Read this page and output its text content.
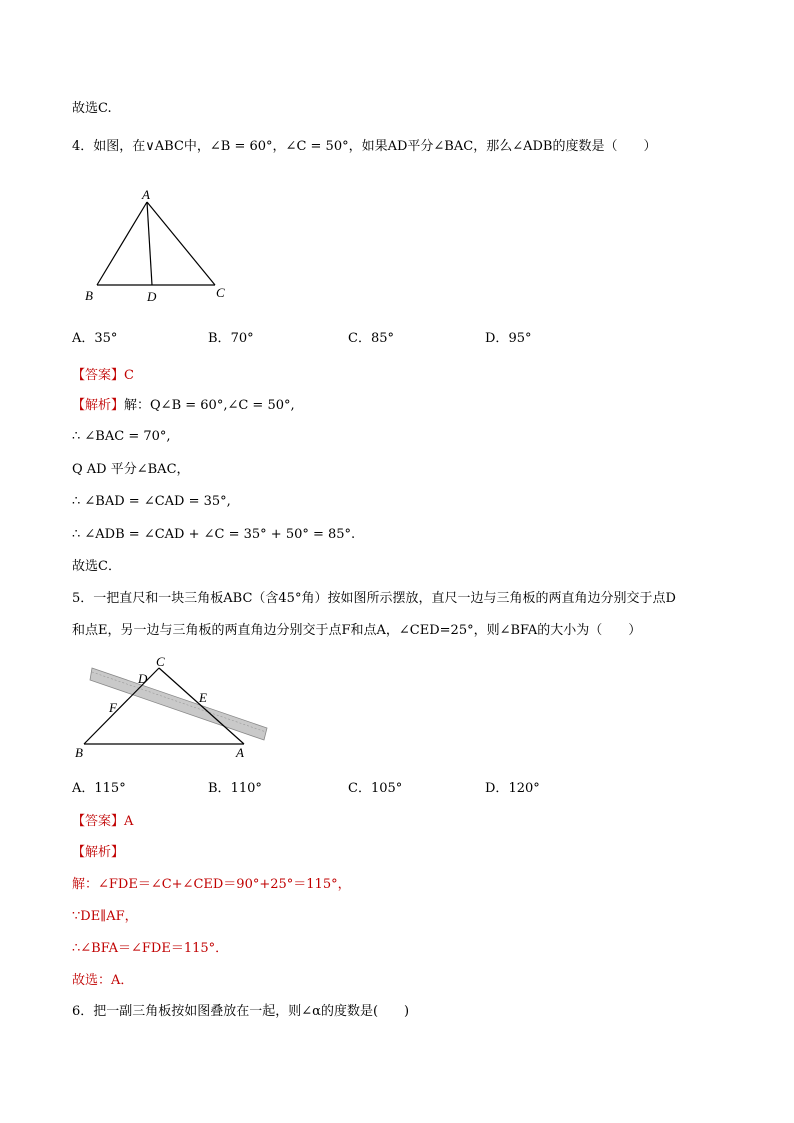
故选C.
4．如图，在∨ABC中，∠B = 60°，∠C = 50°，如果AD平分∠BAC，那么∠ADB的度数是（　　）
A
B	D	C
A．35°	B．70°	C．85°	D．95°
【答案】C
【解析】解：Q∠B = 60°,∠C = 50°,
∴ ∠BAC = 70°,
Q AD 平分∠BAC，
∴ ∠BAD = ∠CAD = 35°,
∴ ∠ADB = ∠CAD + ∠C = 35° + 50° = 85°.
故选C．
5．一把直尺和一块三角板ABC（含45°角）按如图所示摆放，直尺一边与三角板的两直角边分别交于点D
和点E，另一边与三角板的两直角边分别交于点F和点A，∠CED=25°，则∠BFA的大小为（　　）
C
D
E
F
B	A
A．115°	B．110°	C．105°	D．120°
【答案】A
【解析】
解：∠FDE＝∠C+∠CED＝90°+25°＝115°，
∵DE∥AF，
∴∠BFA＝∠FDE＝115°．
故选：A．
6．把一副三角板按如图叠放在一起，则∠α的度数是(　　)
